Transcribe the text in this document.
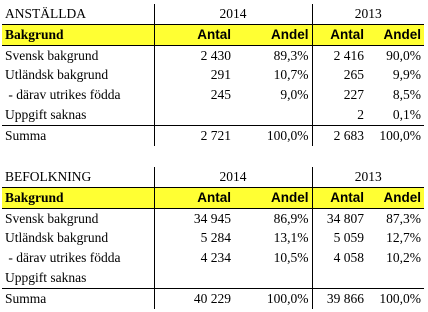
ANSTÄLLDA	2014		2013	
Bakgrund	Antal	Andel	Antal	Andel
Svensk bakgrund	2 430	89,3%	2 416	90,0%
Utländsk bakgrund	291	10,7%	265	9,9%
- därav utrikes födda	245	9,0%	227	8,5%
Uppgift saknas			2	0,1%
Summa	2 721	100,0%	2 683	100,0%
BEFOLKNING	2014		2013	
Bakgrund	Antal	Andel	Antal	Andel
Svensk bakgrund	34 945	86,9%	34 807	87,3%
Utländsk bakgrund	5 284	13,1%	5 059	12,7%
- därav utrikes födda	4 234	10,5%	4 058	10,2%
Uppgift saknas				
Summa	40 229	100,0%	39 866	100,0%
